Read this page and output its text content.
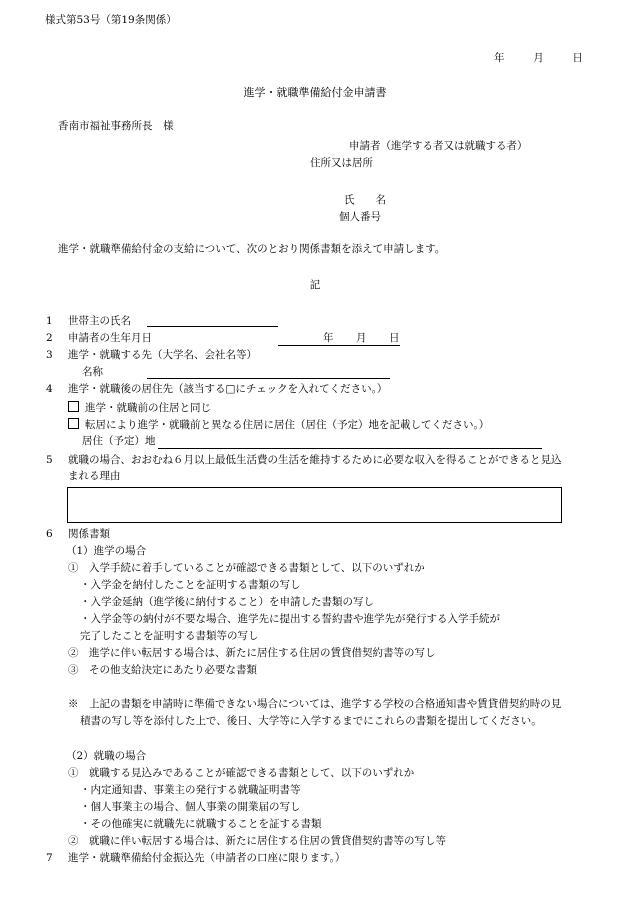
様式第53号（第19条関係）
年	月	日
進学・就職準備給付金申請書
香南市福祉事務所長　様
申請者（進学する者又は就職する者）
住所又は居所
氏　　名
個人番号
進学・就職準備給付金の支給について、次のとおり関係書類を添えて申請します。
記
1 世帯主の氏名
2 申請者の生年月日	年 月 日
3 進学・就職する先（大学名、会社名等）
名称
4 進学・就職後の居住先（該当する□にチェックを入れてください。）
進学・就職前の住居と同じ
転居により進学・就職前と異なる住居に居住（居住（予定）地を記載してください。）
居住（予定）地
5 就職の場合、おおむね６月以上最低生活費の生活を維持するために必要な収入を得ることができると見込
まれる理由
6 関係書類
（1）進学の場合
①　入学手続に着手していることが確認できる書類として、以下のいずれか
・入学金を納付したことを証明する書類の写し
・入学金延納（進学後に納付すること）を申請した書類の写し
・入学金等の納付が不要な場合、進学先に提出する誓約書や進学先が発行する入学手続が
完了したことを証明する書類等の写し
②　進学に伴い転居する場合は、新たに居住する住居の賃貸借契約書等の写し
③　その他支給決定にあたり必要な書類
※　上記の書類を申請時に準備できない場合については、進学する学校の合格通知書や賃貸借契約時の見
積書の写し等を添付した上で、後日、大学等に入学するまでにこれらの書類を提出してください。
（2）就職の場合
①　就職する見込みであることが確認できる書類として、以下のいずれか
・内定通知書、事業主の発行する就職証明書等
・個人事業主の場合、個人事業の開業届の写し
・その他確実に就職先に就職することを証する書類
②　就職に伴い転居する場合は、新たに居住する住居の賃貸借契約書等の写し等
7 進学・就職準備給付金振込先（申請者の口座に限ります。）
